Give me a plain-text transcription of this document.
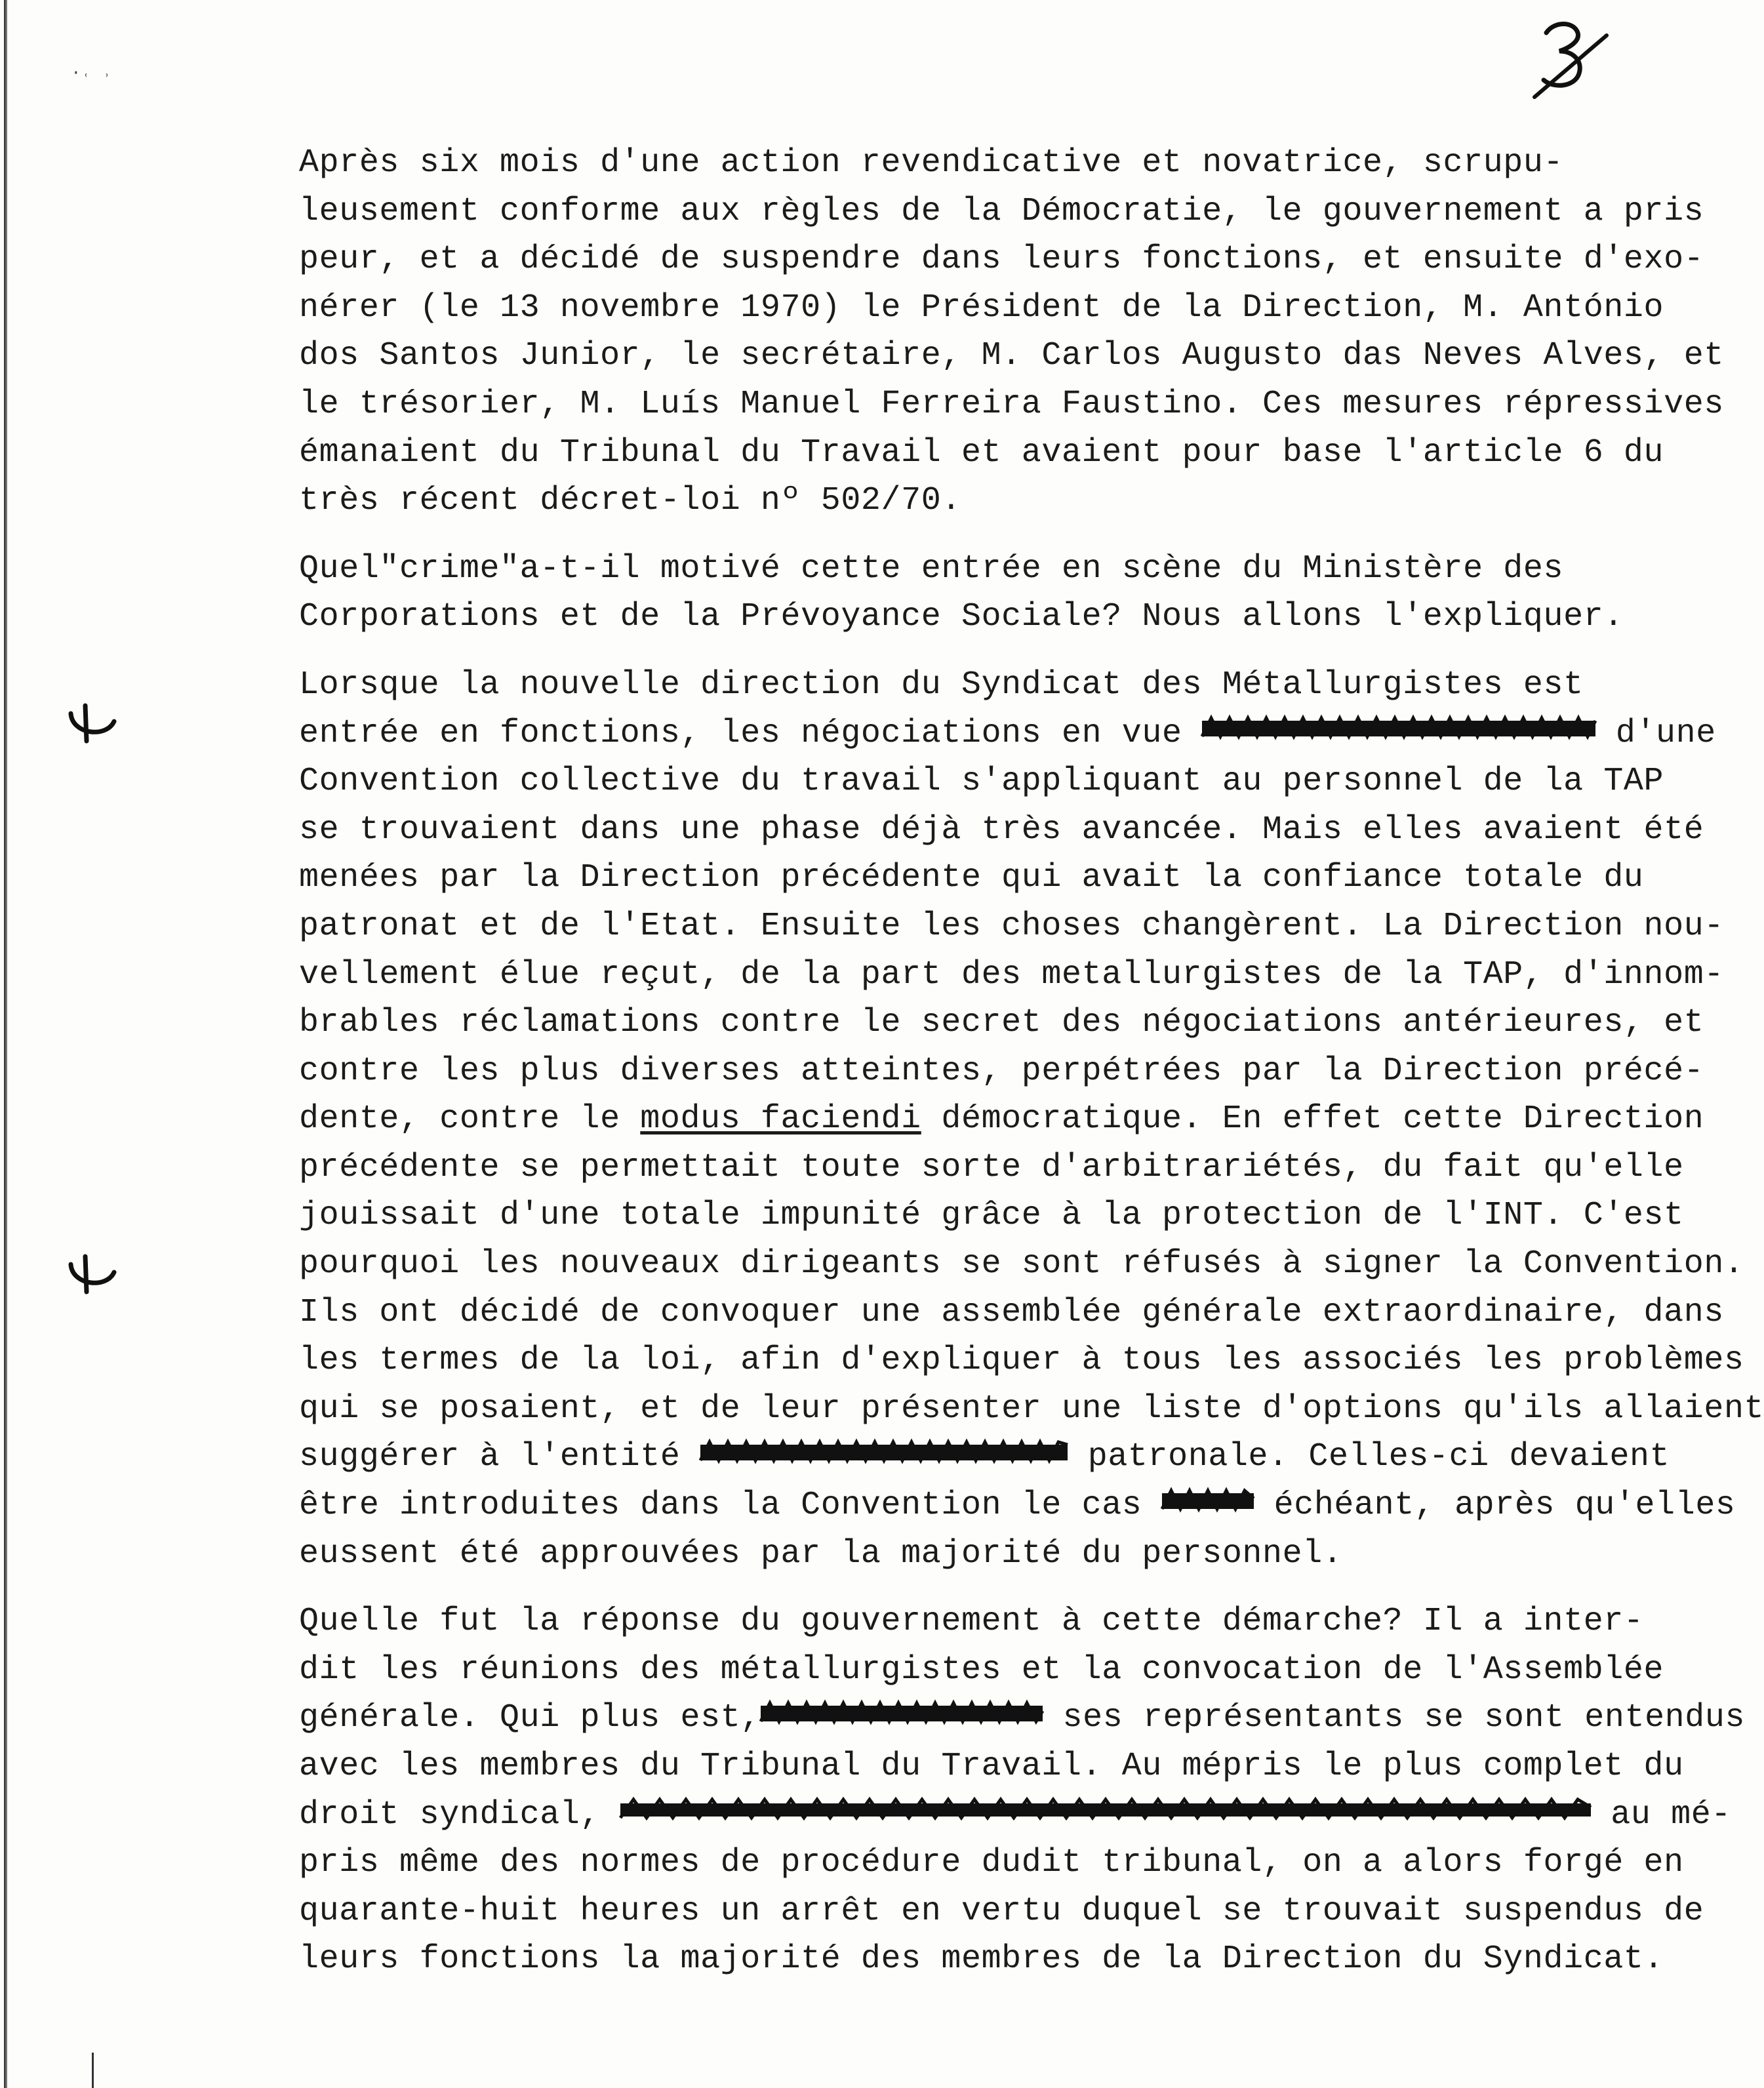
·˓ ˒
Après six mois d'une action revendicative et novatrice, scrupu-
leusement conforme aux règles de la Démocratie, le gouvernement a pris
peur, et a décidé de suspendre dans leurs fonctions, et ensuite d'exo-
nérer (le 13 novembre 1970) le Président de la Direction, M. António
dos Santos Junior, le secrétaire, M. Carlos Augusto das Neves Alves, et
le trésorier, M. Luís Manuel Ferreira Faustino. Ces mesures répressives
émanaient du Tribunal du Travail et avaient pour base l'article 6 du
très récent décret-loi nº 502/70.
Quel"crime"a-t-il motivé cette entrée en scène du Ministère des
Corporations et de la Prévoyance Sociale? Nous allons l'expliquer.
Lorsque la nouvelle direction du Syndicat des Métallurgistes est
entrée en fonctions, les négociations en vue	d'une
Convention collective du travail s'appliquant au personnel de la TAP
se trouvaient dans une phase déjà très avancée. Mais elles avaient été
menées par la Direction précédente qui avait la confiance totale du
patronat et de l'Etat. Ensuite les choses changèrent. La Direction nou-
vellement élue reçut, de la part des metallurgistes de la TAP, d'innom-
brables réclamations contre le secret des négociations antérieures, et
contre les plus diverses atteintes, perpétrées par la Direction précé-
dente, contre le modus faciendi démocratique. En effet cette Direction
précédente se permettait toute sorte d'arbitrariétés, du fait qu'elle
jouissait d'une totale impunité grâce à la protection de l'INT. C'est
pourquoi les nouveaux dirigeants se sont réfusés à signer la Convention.
Ils ont décidé de convoquer une assemblée générale extraordinaire, dans
les termes de la loi, afin d'expliquer à tous les associés les problèmes
qui se posaient, et de leur présenter une liste d'options qu'ils allaient
suggérer à l'entité	patronale. Celles-ci devaient
être introduites dans la Convention le cas	échéant, après qu'elles
eussent été approuvées par la majorité du personnel.
Quelle fut la réponse du gouvernement à cette démarche? Il a inter-
dit les réunions des métallurgistes et la convocation de l'Assemblée
générale. Qui plus est,	ses représentants se sont entendus
avec les membres du Tribunal du Travail. Au mépris le plus complet du
droit syndical,	au mé-
pris même des normes de procédure dudit tribunal, on a alors forgé en
quarante-huit heures un arrêt en vertu duquel se trouvait suspendus de
leurs fonctions la majorité des membres de la Direction du Syndicat.
